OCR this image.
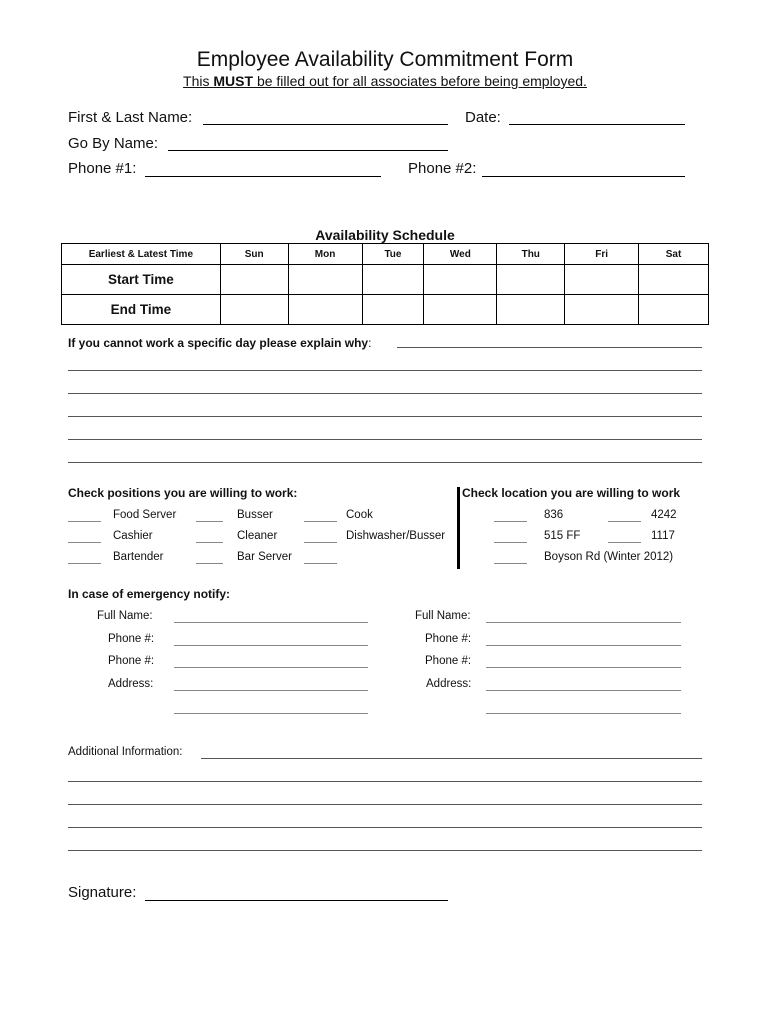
Employee Availability Commitment Form
This MUST be filled out for all associates before being employed.
First & Last Name:	Date:
Go By Name:
Phone #1:	Phone #2:
Availability Schedule
Earliest & Latest Time	Sun	Mon	Tue	Wed	Thu	Fri	Sat
Start Time							
End Time							
If you cannot work a specific day please explain why:
Check positions you are willing to work:
Food Server	Busser	Cook
Cashier	Cleaner	Dishwasher/Busser
Bartender	Bar Server
Check location you are willing to work
836	4242
515 FF	1117
Boyson Rd (Winter 2012)
In case of emergency notify:
Full Name:
Phone #:
Phone #:
Address:
Full Name:
Phone #:
Phone #:
Address:
Additional Information:
Signature:
